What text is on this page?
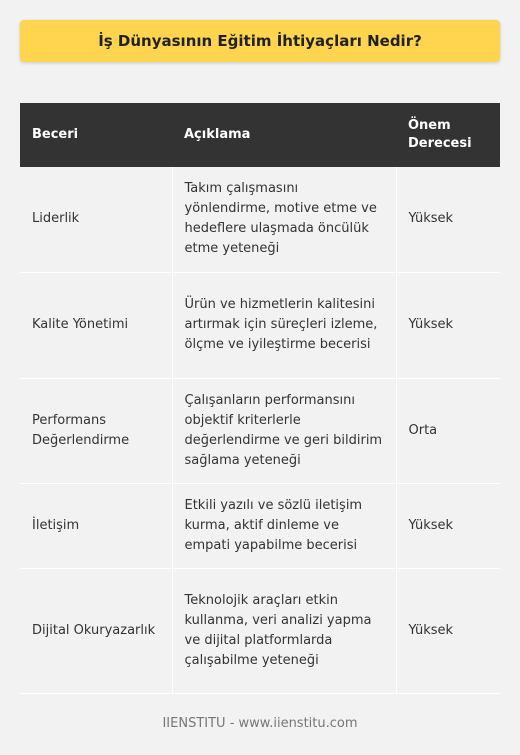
İş Dünyasının Eğitim İhtiyaçları Nedir?
Beceri	Açıklama	Önem Derecesi
Liderlik	Takım çalışmasını yönlendirme, motive etme ve hedeflere ulaşmada öncülük etme yeteneği	Yüksek
Kalite Yönetimi	Ürün ve hizmetlerin kalitesini artırmak için süreçleri izleme, ölçme ve iyileştirme becerisi	Yüksek
Performans Değerlendirme	Çalışanların performansını objektif kriterlerle değerlendirme ve geri bildirim sağlama yeteneği	Orta
İletişim	Etkili yazılı ve sözlü iletişim kurma, aktif dinleme ve empati yapabilme becerisi	Yüksek
Dijital Okuryazarlık	Teknolojik araçları etkin kullanma, veri analizi yapma ve dijital platformlarda çalışabilme yeteneği	Yüksek
IIENSTITU - www.iienstitu.com
